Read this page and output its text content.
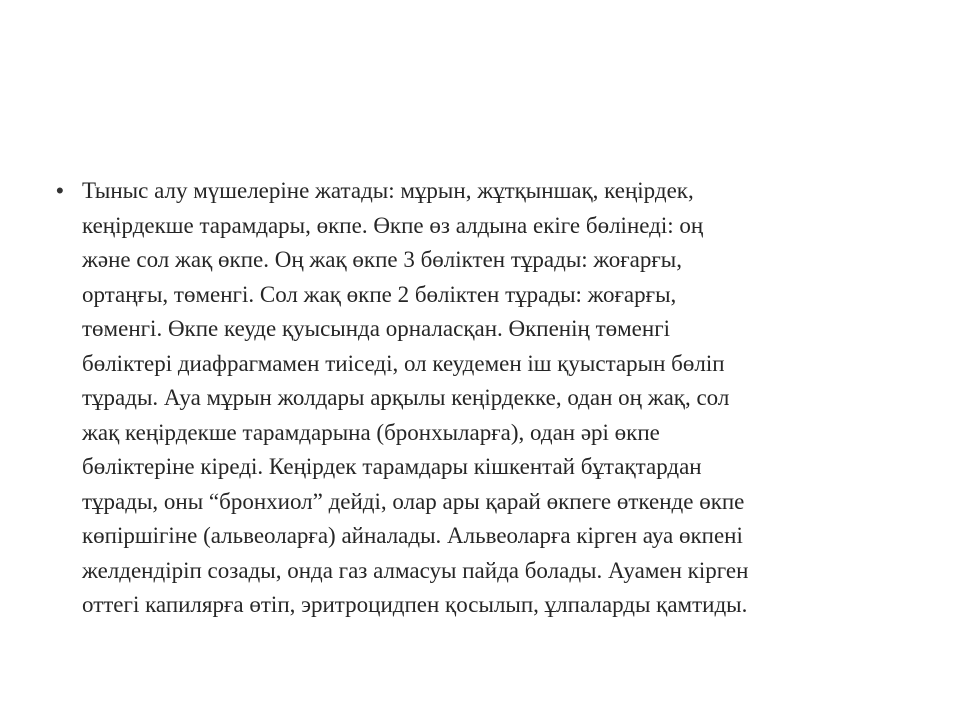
• Тыныс алу мүшелеріне жатады: мұрын, жұтқыншақ, кеңірдек,
кеңірдекше тарамдары, өкпе. Өкпе өз алдына екіге бөлінеді: оң
және сол жақ өкпе. Оң жақ өкпе 3 бөліктен тұрады: жоғарғы,
ортаңғы, төменгі. Сол жақ өкпе 2 бөліктен тұрады: жоғарғы,
төменгі. Өкпе кеуде қуысында орналасқан. Өкпенің төменгі
бөліктері диафрагмамен тиіседі, ол кеудемен іш қуыстарын бөліп
тұрады. Ауа мұрын жолдары арқылы кеңірдекке, одан оң жақ, сол
жақ кеңірдекше тарамдарына (бронхыларға), одан әрі өкпе
бөліктеріне кіреді. Кеңірдек тарамдары кішкентай бұтақтардан
тұрады, оны “бронхиол” дейді, олар ары қарай өкпеге өткенде өкпе
көпіршігіне (альвеоларға) айналады. Альвеоларға кірген ауа өкпені
желдендіріп созады, онда газ алмасуы пайда болады. Ауамен кірген
оттегі капилярға өтіп, эритроцидпен қосылып, ұлпаларды қамтиды.
